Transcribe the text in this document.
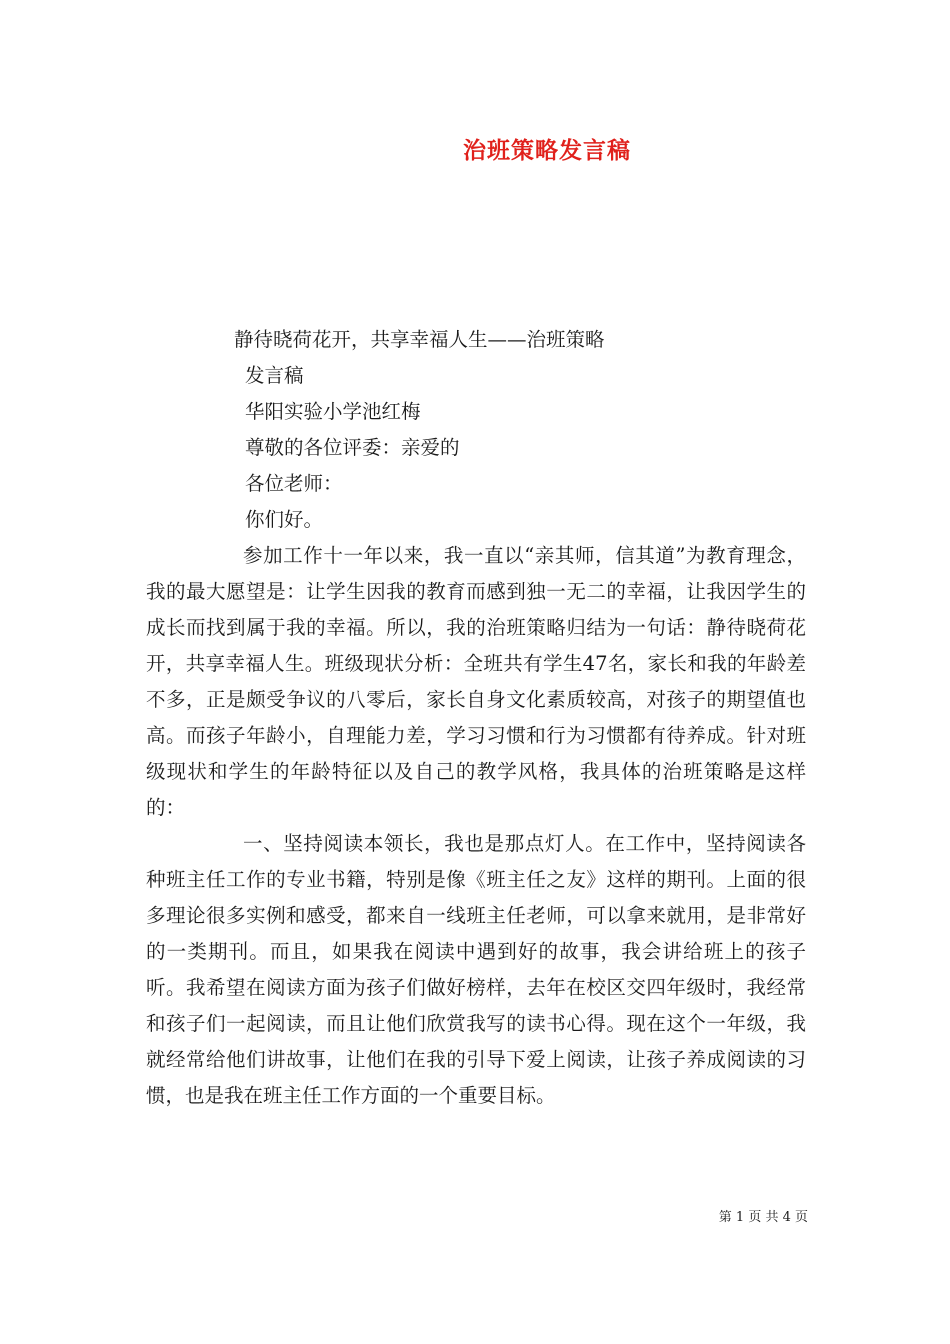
治班策略发言稿
静待晓荷花开，共享幸福人生——治班策略
发言稿
华阳实验小学池红梅
尊敬的各位评委：亲爱的
各位老师：
你们好。
参加工作十一年以来，我一直以“亲其师，信其道”为教育理念，我的最大愿望是：让学生因我的教育而感到独一无二的幸福，让我因学生的成长而找到属于我的幸福。所以，我的治班策略归结为一句话：静待晓荷花开，共享幸福人生。班级现状分析：全班共有学生47名，家长和我的年龄差不多，正是颇受争议的八零后，家长自身文化素质较高，对孩子的期望值也高。而孩子年龄小，自理能力差，学习习惯和行为习惯都有待养成。针对班级现状和学生的年龄特征以及自己的教学风格，我具体的治班策略是这样的：
一、坚持阅读本领长，我也是那点灯人。在工作中，坚持阅读各种班主任工作的专业书籍，特别是像《班主任之友》这样的期刊。上面的很多理论很多实例和感受，都来自一线班主任老师，可以拿来就用，是非常好的一类期刊。而且，如果我在阅读中遇到好的故事，我会讲给班上的孩子听。我希望在阅读方面为孩子们做好榜样，去年在校区交四年级时，我经常和孩子们一起阅读，而且让他们欣赏我写的读书心得。现在这个一年级，我就经常给他们讲故事，让他们在我的引导下爱上阅读，让孩子养成阅读的习惯，也是我在班主任工作方面的一个重要目标。
第 1 页 共 4 页
